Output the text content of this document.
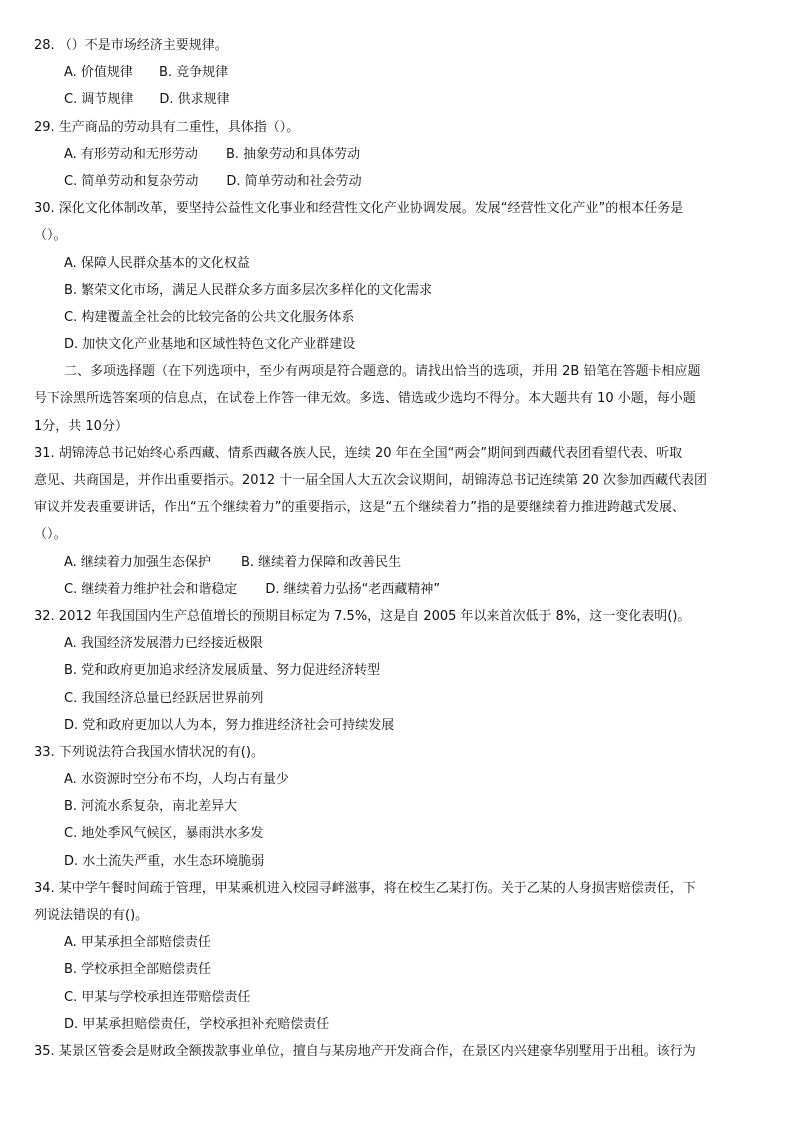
28. （）不是市场经济主要规律。
A. 价值规律 B. 竞争规律
C. 调节规律 D. 供求规律
29. 生产商品的劳动具有二重性，具体指（）。
A. 有形劳动和无形劳动 B. 抽象劳动和具体劳动
C. 简单劳动和复杂劳动 D. 简单劳动和社会劳动
30. 深化文化体制改革，要坚持公益性文化事业和经营性文化产业协调发展。发展“经营性文化产业”的根本任务是
（）。
A. 保障人民群众基本的文化权益
B. 繁荣文化市场，满足人民群众多方面多层次多样化的文化需求
C. 构建覆盖全社会的比较完备的公共文化服务体系
D. 加快文化产业基地和区域性特色文化产业群建设
二、多项选择题（在下列选项中，至少有两项是符合题意的。请找出恰当的选项，并用 2B 铅笔在答题卡相应题
号下涂黑所选答案项的信息点，在试卷上作答一律无效。多选、错选或少选均不得分。本大题共有 10 小题，每小题
1分，共 10分）
31. 胡锦涛总书记始终心系西藏、情系西藏各族人民，连续 20 年在全国“两会”期间到西藏代表团看望代表、听取
意见、共商国是，并作出重要指示。2012 十一届全国人大五次会议期间，胡锦涛总书记连续第 20 次参加西藏代表团
审议并发表重要讲话，作出“五个继续着力”的重要指示，这是“五个继续着力”指的是要继续着力推进跨越式发展、
（）。
A. 继续着力加强生态保护 B. 继续着力保障和改善民生
C. 继续着力维护社会和谐稳定 D. 继续着力弘扬“老西藏精神”
32. 2012 年我国国内生产总值增长的预期目标定为 7.5%，这是自 2005 年以来首次低于 8%，这一变化表明()。
A. 我国经济发展潜力已经接近极限
B. 党和政府更加追求经济发展质量、努力促进经济转型
C. 我国经济总量已经跃居世界前列
D. 党和政府更加以人为本，努力推进经济社会可持续发展
33. 下列说法符合我国水情状况的有()。
A. 水资源时空分布不均，人均占有量少
B. 河流水系复杂，南北差异大
C. 地处季风气候区，暴雨洪水多发
D. 水土流失严重，水生态环境脆弱
34. 某中学午餐时间疏于管理，甲某乘机进入校园寻衅滋事，将在校生乙某打伤。关于乙某的人身损害赔偿责任，下
列说法错误的有()。
A. 甲某承担全部赔偿责任
B. 学校承担全部赔偿责任
C. 甲某与学校承担连带赔偿责任
D. 甲某承担赔偿责任，学校承担补充赔偿责任
35. 某景区管委会是财政全额拨款事业单位，擅自与某房地产开发商合作，在景区内兴建豪华别墅用于出租。该行为
